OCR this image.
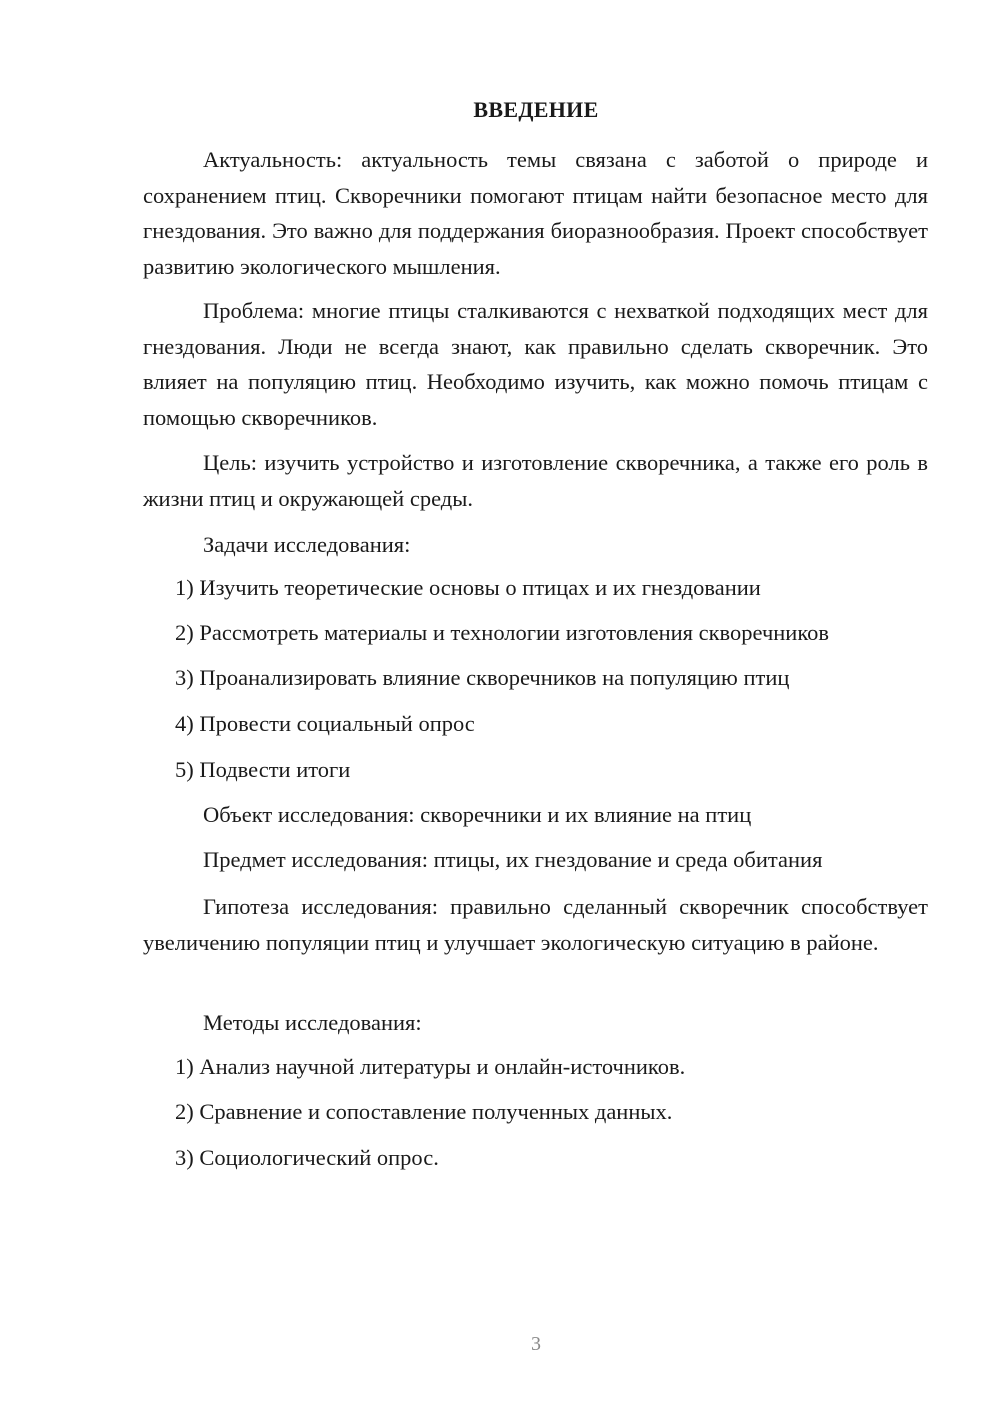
ВВЕДЕНИЕ
Актуальность: актуальность темы связана с заботой о природе и сохранением птиц. Скворечники помогают птицам найти безопасное место для гнездования. Это важно для поддержания биоразнообразия. Проект способствует развитию экологического мышления.
Проблема: многие птицы сталкиваются с нехваткой подходящих мест для гнездования. Люди не всегда знают, как правильно сделать скворечник. Это влияет на популяцию птиц. Необходимо изучить, как можно помочь птицам с помощью скворечников.
Цель: изучить устройство и изготовление скворечника, а также его роль в жизни птиц и окружающей среды.
Задачи исследования:
1) Изучить теоретические основы о птицах и их гнездовании
2) Рассмотреть материалы и технологии изготовления скворечников
3) Проанализировать влияние скворечников на популяцию птиц
4) Провести социальный опрос
5) Подвести итоги
Объект исследования: скворечники и их влияние на птиц
Предмет исследования: птицы, их гнездование и среда обитания
Гипотеза исследования: правильно сделанный скворечник способствует увеличению популяции птиц и улучшает экологическую ситуацию в районе.
Методы исследования:
1) Анализ научной литературы и онлайн-источников.
2) Сравнение и сопоставление полученных данных.
3) Социологический опрос.
3
